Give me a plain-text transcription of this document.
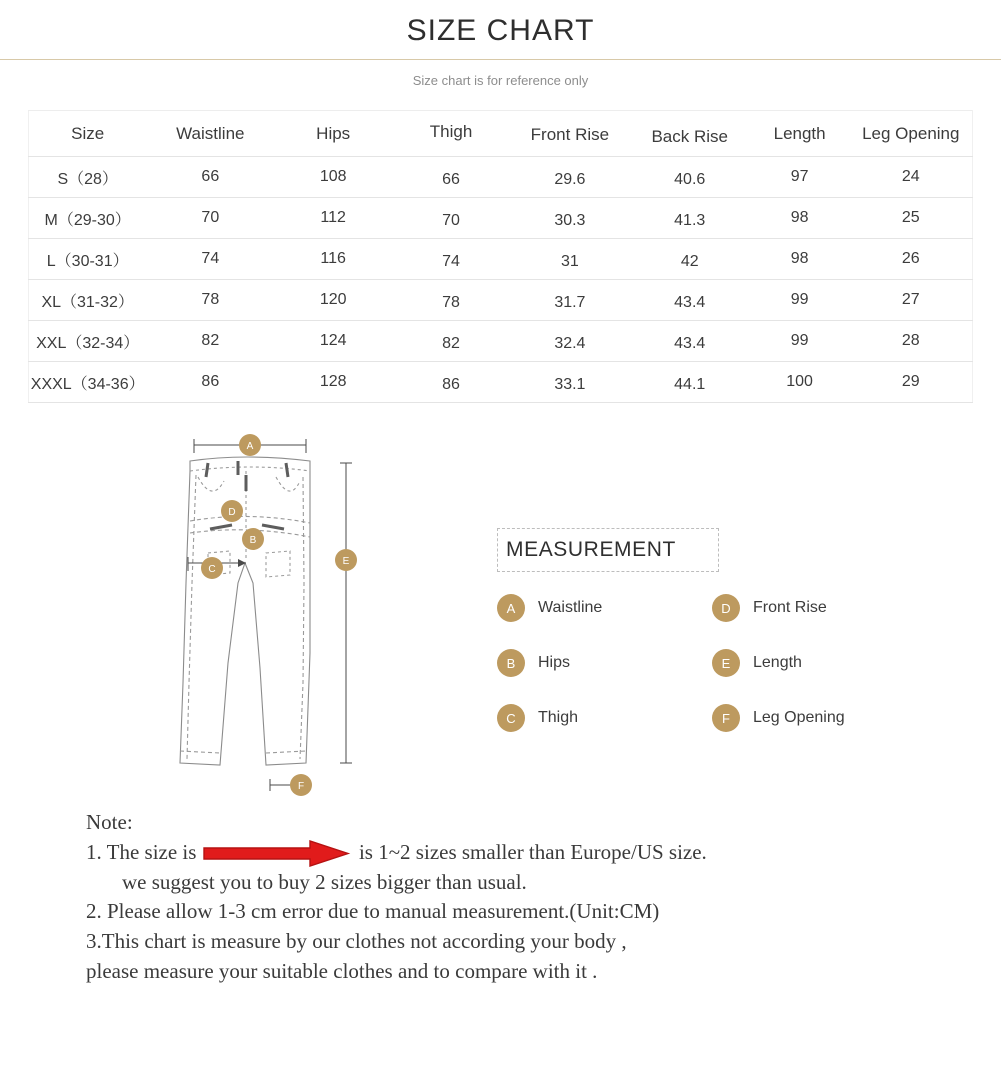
SIZE CHART
Size chart is for reference only
Size	Waistline	Hips	Thigh	Front Rise	Back Rise	Length	Leg Opening
S（28）	66	108	66	29.6	40.6	97	24
M（29-30）	70	112	70	30.3	41.3	98	25
L（30-31）	74	116	74	31	42	98	26
XL（31-32）	78	120	78	31.7	43.4	99	27
XXL（32-34）	82	124	82	32.4	43.4	99	28
XXXL（34-36）	86	128	86	33.1	44.1	100	29
A
D
B
C
E
F
MEASUREMENT
A	Waistline	D	Front Rise
B	Hips	E	Length
C	Thigh	F	Leg Opening
Note:
1. The size is	is 1~2 sizes smaller than Europe/US size.
we suggest you to buy 2 sizes bigger than usual.
2. Please allow 1-3 cm error due to manual measurement.(Unit:CM)
3.This chart is measure by our clothes not according your body ,
please measure your suitable clothes and to compare with it .
